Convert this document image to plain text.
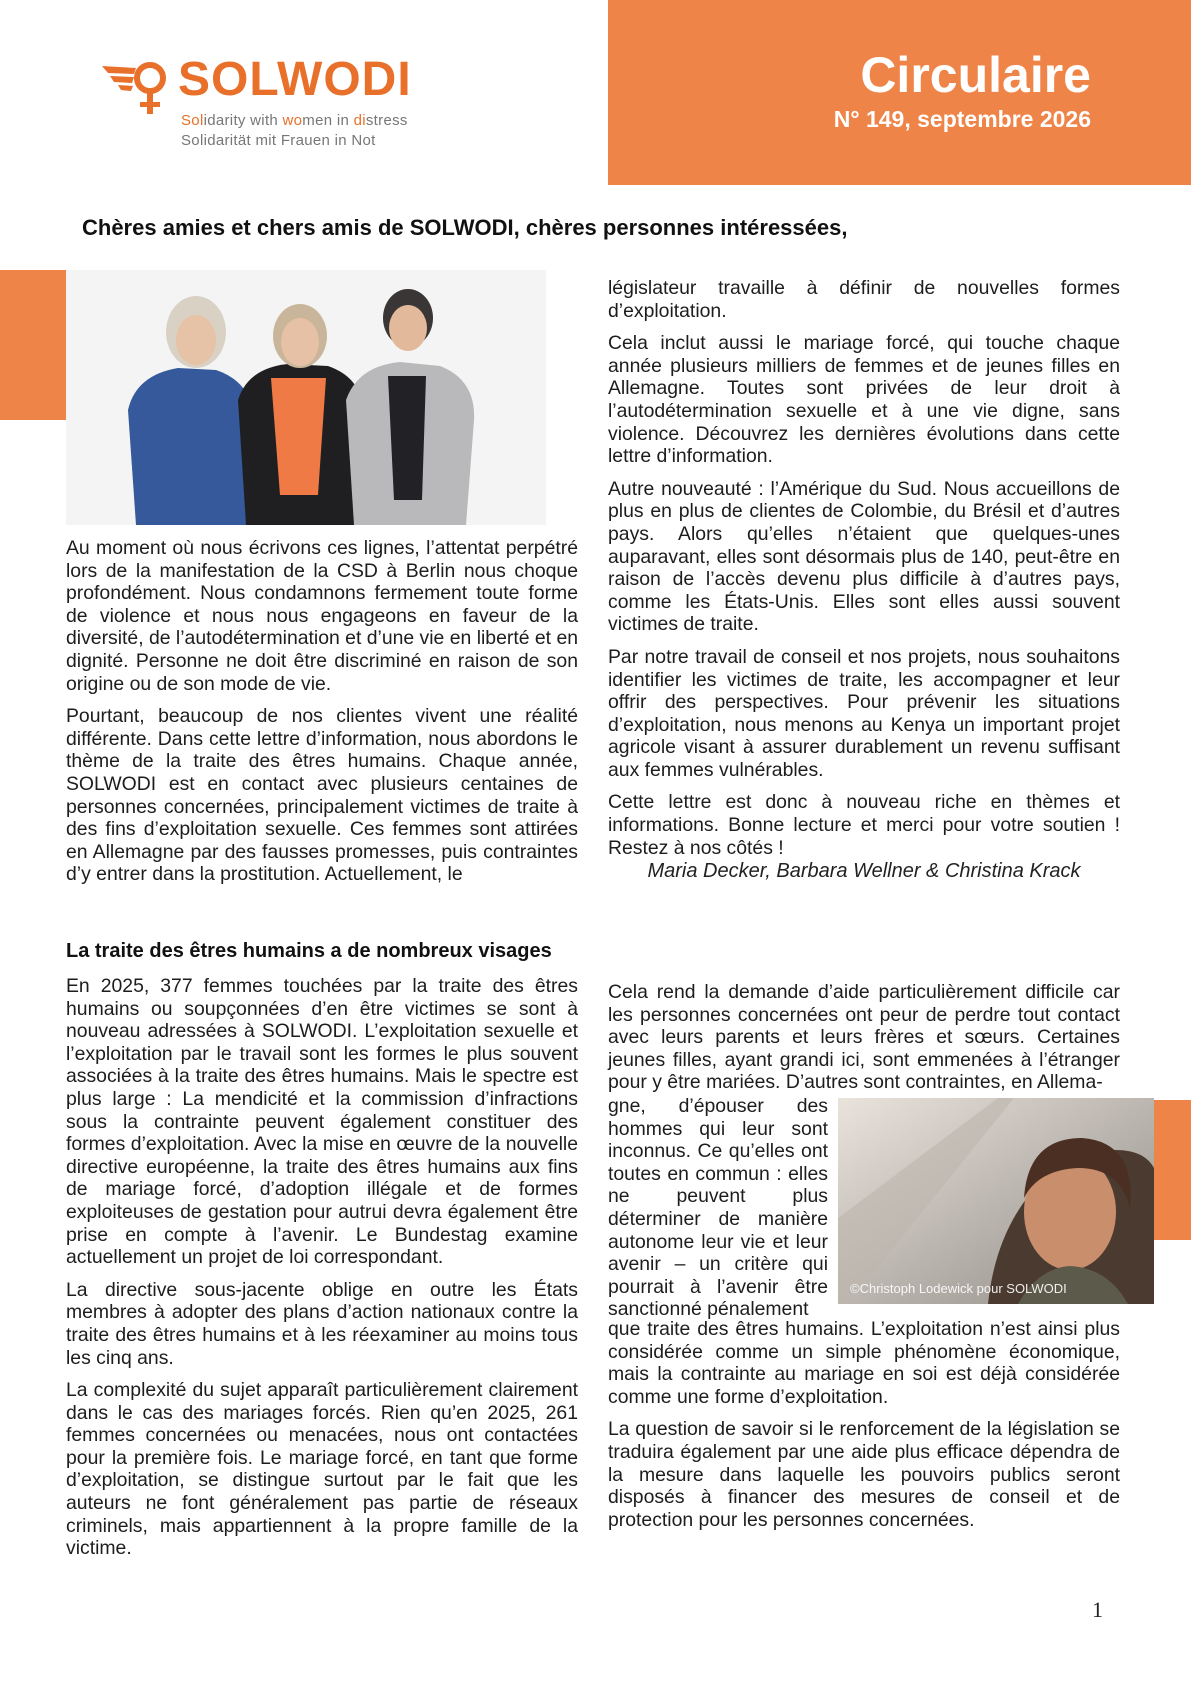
SOLWODI
Solidarity with women in distress
Solidarität mit Frauen in Not
Circulaire
N° 149, septembre 2026
Chères amies et chers amis de SOLWODI, chères personnes intéressées,

Au moment où nous écrivons ces lignes, l’attentat perpétré lors de la manifestation de la CSD à Berlin nous choque profondément. Nous condamnons fermement toute forme de violence et nous nous engageons en faveur de la diversité, de l’autodétermination et d’une vie en liberté et en dignité. Personne ne doit être discriminé en raison de son origine ou de son mode de vie.

Pourtant, beaucoup de nos clientes vivent une réalité différente. Dans cette lettre d’information, nous abordons le thème de la traite des êtres humains. Chaque année, SOLWODI est en contact avec plusieurs centaines de personnes concernées, principalement victimes de traite à des fins d’exploitation sexuelle. Ces femmes sont attirées en Allemagne par des fausses promesses, puis contraintes d’y entrer dans la prostitution. Actuellement, le

législateur travaille à définir de nouvelles formes d’exploitation.

Cela inclut aussi le mariage forcé, qui touche chaque année plusieurs milliers de femmes et de jeunes filles en Allemagne. Toutes sont privées de leur droit à l’autodétermination sexuelle et à une vie digne, sans violence. Découvrez les dernières évolutions dans cette lettre d’information.

Autre nouveauté : l’Amérique du Sud. Nous accueillons de plus en plus de clientes de Colombie, du Brésil et d’autres pays. Alors qu’elles n’étaient que quelques-unes auparavant, elles sont désormais plus de 140, peut-être en raison de l’accès devenu plus difficile à d’autres pays, comme les États-Unis. Elles sont elles aussi souvent victimes de traite.

Par notre travail de conseil et nos projets, nous souhaitons identifier les victimes de traite, les accompagner et leur offrir des perspectives. Pour prévenir les situations d’exploitation, nous menons au Kenya un important projet agricole visant à assurer durablement un revenu suffisant aux femmes vulnérables.

Cette lettre est donc à nouveau riche en thèmes et informations. Bonne lecture et merci pour votre soutien ! Restez à nos côtés !

Maria Decker, Barbara Wellner & Christina Krack
La traite des êtres humains a de nombreux visages

En 2025, 377 femmes touchées par la traite des êtres humains ou soupçonnées d’en être victimes se sont à nouveau adressées à SOLWODI. L’exploitation sexuelle et l’exploitation par le travail sont les formes le plus souvent associées à la traite des êtres humains. Mais le spectre est plus large : La mendicité et la commission d’infractions sous la contrainte peuvent également constituer des formes d’exploitation. Avec la mise en œuvre de la nouvelle directive européenne, la traite des êtres humains aux fins de mariage forcé, d’adoption illégale et de formes exploiteuses de gestation pour autrui devra également être prise en compte à l’avenir. Le Bundestag examine actuellement un projet de loi correspondant.

La directive sous-jacente oblige en outre les États membres à adopter des plans d’action nationaux contre la traite des êtres humains et à les réexaminer au moins tous les cinq ans.

La complexité du sujet apparaît particulièrement clairement dans le cas des mariages forcés. Rien qu’en 2025, 261 femmes concernées ou menacées, nous ont contactées pour la première fois. Le mariage forcé, en tant que forme d’exploitation, se distingue surtout par le fait que les auteurs ne font généralement pas partie de réseaux criminels, mais appartiennent à la propre famille de la victime.

Cela rend la demande d’aide particulièrement difficile car les personnes concernées ont peur de perdre tout contact avec leurs parents et leurs frères et sœurs. Certaines jeunes filles, ayant grandi ici, sont emmenées à l’étranger pour y être mariées. D’autres sont contraintes, en Allema-

gne, d’épouser des hommes qui leur sont inconnus. Ce qu’elles ont toutes en commun : elles ne peuvent plus déterminer de manière autonome leur vie et leur avenir – un critère qui pourrait à l’avenir être sanctionné pénalement

©Christoph Lodewick pour SOLWODI

que traite des êtres humains. L’exploitation n’est ainsi plus considérée comme un simple phénomène économique, mais la contrainte au mariage en soi est déjà considérée comme une forme d’exploitation.

La question de savoir si le renforcement de la législation se traduira également par une aide plus efficace dépendra de la mesure dans laquelle les pouvoirs publics seront disposés à financer des mesures de conseil et de protection pour les personnes concernées.

1
